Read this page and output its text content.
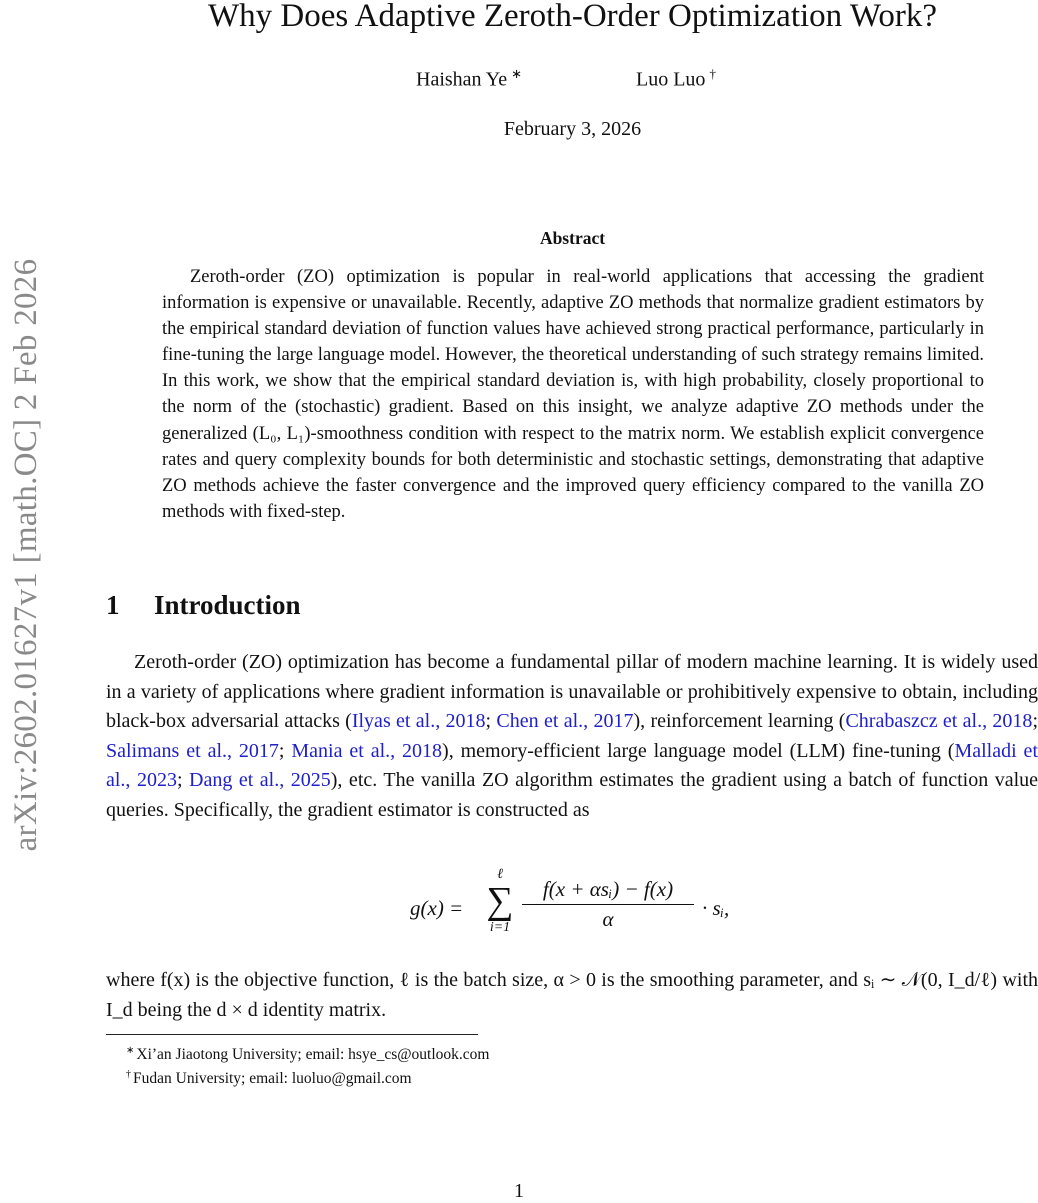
arXiv:2602.01627v1 [math.OC] 2 Feb 2026
Why Does Adaptive Zeroth-Order Optimization Work?
Haishan Ye ∗	Luo Luo †
February 3, 2026
Abstract

Zeroth-order (ZO) optimization is popular in real-world applications that accessing the gradient information is expensive or unavailable. Recently, adaptive ZO methods that normalize gradient estimators by the empirical standard deviation of function values have achieved strong practical performance, particularly in fine-tuning the large language model. However, the theoretical understanding of such strategy remains limited. In this work, we show that the empirical standard deviation is, with high probability, closely proportional to the norm of the (stochastic) gradient. Based on this insight, we analyze adaptive ZO methods under the generalized (L₀, L₁)-smoothness condition with respect to the matrix norm. We establish explicit convergence rates and query complexity bounds for both deterministic and stochastic settings, demonstrating that adaptive ZO methods achieve the faster convergence and the improved query efficiency compared to the vanilla ZO methods with fixed-step.

1 Introduction

Zeroth-order (ZO) optimization has become a fundamental pillar of modern machine learning. It is widely used in a variety of applications where gradient information is unavailable or prohibitively expensive to obtain, including black-box adversarial attacks (Ilyas et al., 2018; Chen et al., 2017), reinforcement learning (Chrabaszcz et al., 2018; Salimans et al., 2017; Mania et al., 2018), memory-efficient large language model (LLM) fine-tuning (Malladi et al., 2023; Dang et al., 2025), etc. The vanilla ZO algorithm estimates the gradient using a batch of function value queries. Specifically, the gradient estimator is constructed as

g(x) =
ℓ
∑
i=1
f(x + αsᵢ) − f(x)
α	· sᵢ,

where f(x) is the objective function, ℓ is the batch size, α > 0 is the smoothing parameter, and sᵢ ∼ 𝒩(0, I_d/ℓ) with I_d being the d × d identity matrix.

∗ Xi’an Jiaotong University; email: hsye_cs@outlook.com
† Fudan University; email: luoluo@gmail.com
1
